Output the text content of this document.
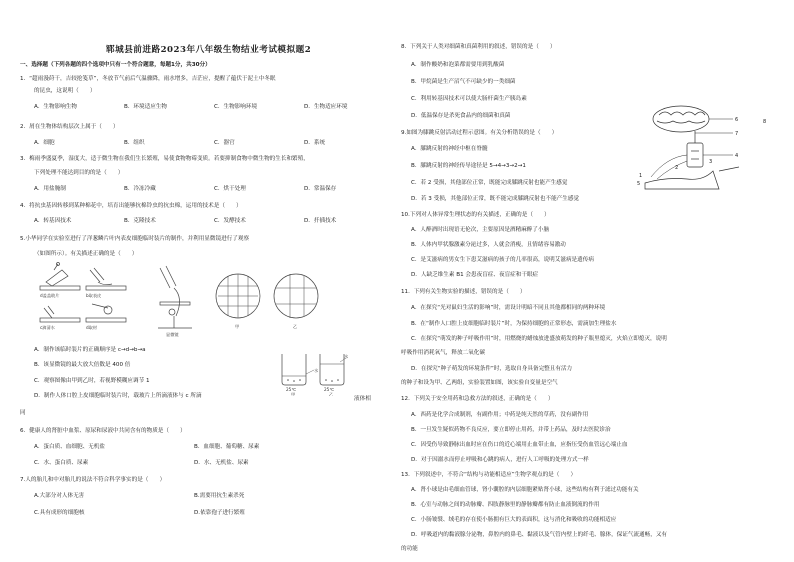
郓城县前进路2023年八年级生物结业考试模拟题2
一、选择题（下列各题的四个选项中只有一个符合题意，每题1分，共30分）
1．“超雨漫莳干，吉较抢笺草”，冬放节气前后气温骤降，雨水增多，吉茫应，提醒了蕴伏于泥土中冬眠
的昆虫，这说明（　　）
A．生物影响生物	B．环境适应生物	C．生物影响环境	D．生物适应环境
2．屑在生物体结构层次上属于（　　）
A．细胞	B．组织	C．器官	D．系统
3．梅雨季盛夏季，湿度大，适于微生物在我们生长繁殖，易使食物物霉变质。若要抑制食物中微生物的生长和繁殖，
下列处理不能达到目的的是（　　）
A．用盐腌制	B．冷冻冷藏	C．烘干处理	D．常温保存
4．将抗虫基因转移到某种棉花中，培育出能够抗棉铃虫的抗虫棉，运用的技术是（　　）
A．转基因技术	B．克隆技术	C．发酵技术	D．扦插技术
5.小华同学在实验室进行了洋葱鳞片叶内表皮细胞临时装片的制作，并利用显微镜进行了观察
（如图所示）。有关描述正确的是（　　）
d盖盖玻片	b取表皮
c滴清水	d取材
显微镜
甲	乙
A．制作该临时装片的正确顺序是 c→d→b→a
B．该显微镜的最大放大倍数是 400 倍
C．观察图像由甲到乙时，若视野模糊应调节 1
D．制作人体口腔上皮细胞临时装片时，载玻片上所滴液体与 c 所滴	液体相
同
25℃	25℃
甲	乙
水
水
6．健康人的肾脏中血浆、原尿和尿液中共同含有的物质是（　　）
A．蛋白质、血细胞、无机盐	B．血细胞、葡萄糖、尿素
C．水、蛋白质、尿素	D．水、无机盐、尿素
7.人的胎儿和中对胎儿的说法不符合科学事实的是（　　）
A.大部分对人体无害	B.需要用抗生素杀死
C.具有成形的细胞核	D.依靠孢子进行繁殖
8．下列关于人类对细菌和真菌利用的叙述，错误的是（　　）
A．制作酸奶和泡菜都需要用到乳酸菌
B．甲烷菌是生产沼气不可缺少的一类细菌
C．利用转基因技术可以使大肠杆菌生产胰岛素
D．低温保存是杀死食品内的细菌和真菌
9.如图为膝跳反射活动过程示意图。有关分析错误的是（　　）
A．膝跳反射的神经中枢在脊髓
B．膝跳反射的神经传导途径是 5→4→3→2→1
C．若 2 受损，其他部位正常，既能完成膝跳反射也能产生感觉
D．若 3 受损，其他部位正常，既不能完成膝跳反射也不能产生感觉
6
7
8
4
1
5
2
3
10.下列对人体异常生理状态的有关描述，正确的是（　　）
A．人醉酒时出现语无伦次，主要原因是酒精麻醉了小脑
B．人体内甲状腺激素分泌过多，人就会消瘦，且情绪容易激动
C．是艾滋病的男女生下患艾滋病的孩子的几率很高，说明艾滋病是遗传病
D．人缺乏维生素 B1 会患夜盲症、夜盲症和干眼症
11．下列有关生物实验的描述，错误的是（　　）
A．在探究“光对鼠妇生活的影响”时，需设计明暗不同且其他都相同的两种环境
B．在“制作人口腔上皮细胞临时装片”时，为保持细胞的正常形态，需滴加生理盐水
C．在探究“萌发的种子呼吸作用”时，用燃烧的蜡烛放进盛放萌发的种子瓶里熄灭，火焰立即熄灭，说明
呼吸作用消耗氧气，释放二氧化碳
D．在探究“种子萌发的环境条件”时，选取自身具备完整且有活力
的种子和设为甲、乙两组，实验装置如图，该实验自变量是空气
12．下列关于安全用药和急救方法的叙述，正确的是（　　）
A．西药是化学合成制剂，有副作用；中药是纯天然的草药，没有副作用
B．一旦发生疑似药物不良反应，要立即停止用药，并带上药品，及时去医院诊治
C．因受伤导致静脉出血时应在伤口的近心端用止血带止血，应指压受伤血管远心端止血
D．对于因溺水而停止呼吸和心跳的病人，进行人工呼吸的处理方式一样
13．下列叙述中，不符合“结构与功能相适应”生物学观点的是（　　）
A．肾小球是由毛细血管球，肾小囊腔的内层细胞紧贴肾小球，这些结构有利于滤过功能有关
B．心室与动脉之间的动脉瓣、四肢静脉里的静脉瓣都有防止血液倒流的作用
C．小肠皱襞、绒毛的存在使小肠拥有巨大的表面积，这与消化和吸收的功能相适应
D．呼吸道内的黏液腺分泌物，鼻腔内的鼻毛、黏液以及气管内壁上的纤毛、腺体，保证气流通畅，又有
的功能
